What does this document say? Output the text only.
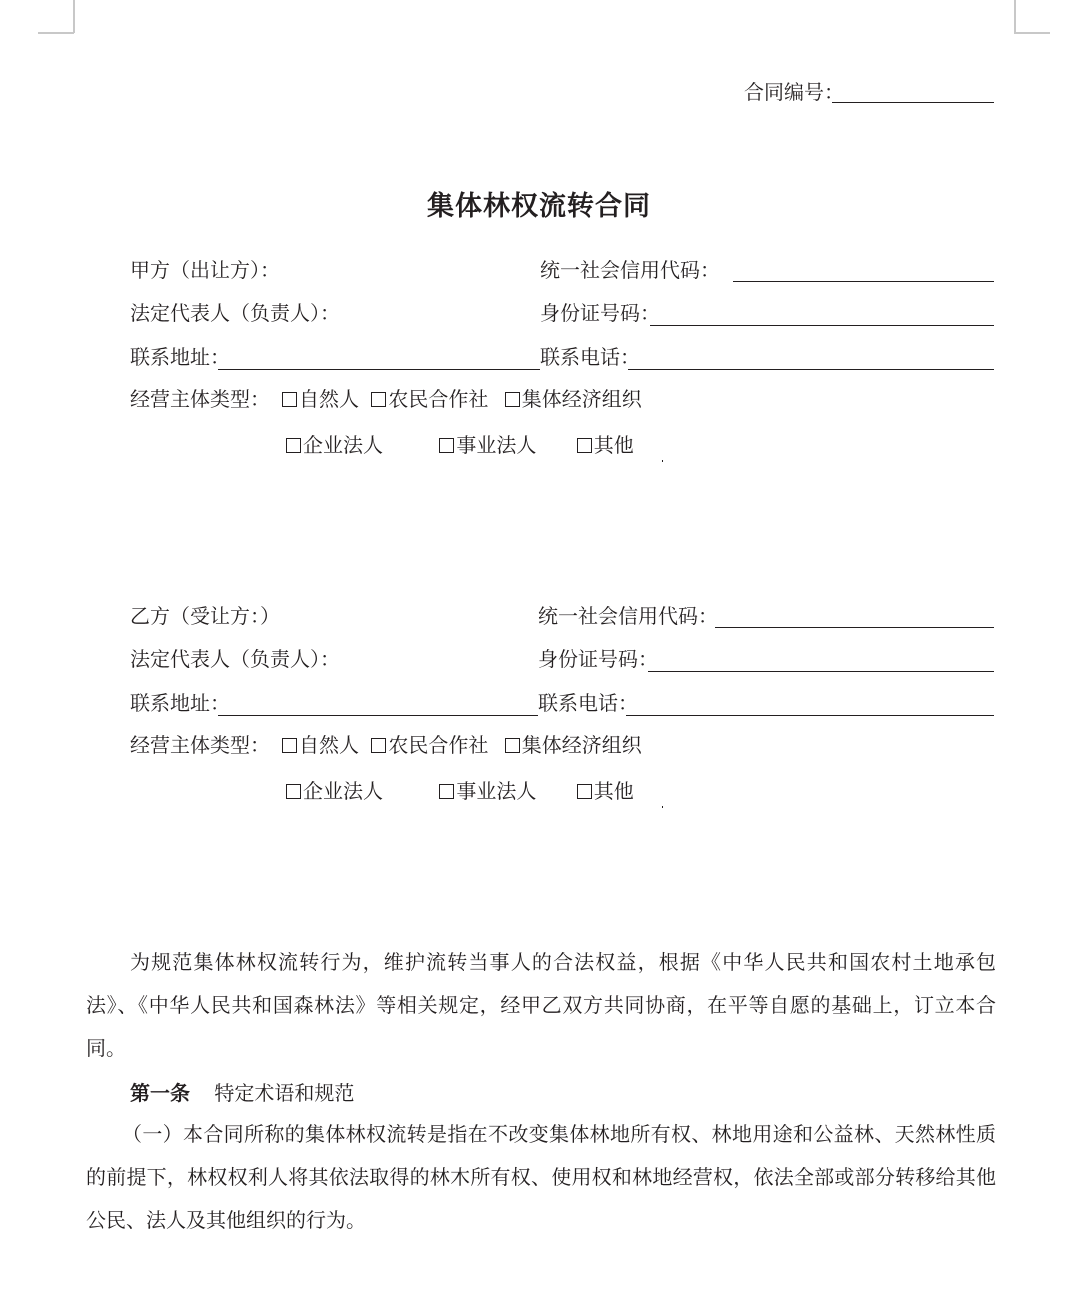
合同编号：
集体林权流转合同
甲方（出让方）：	统一社会信用代码：
法定代表人（负责人）：	身份证号码：
联系地址：	联系电话：
经营主体类型：	自然人 农民合作社 集体经济组织
企业法人	事业法人	其他
乙方（受让方：）	统一社会信用代码：
法定代表人（负责人）：	身份证号码：
联系地址：	联系电话：
经营主体类型：	自然人 农民合作社 集体经济组织
企业法人	事业法人	其他
为规范集体林权流转行为，维护流转当事人的合法权益，根据《中华人民共和国农村土地承包法》、《中华人民共和国森林法》等相关规定，经甲乙双方共同协商，在平等自愿的基础上，订立本合同。
第一条 特定术语和规范
（一）本合同所称的集体林权流转是指在不改变集体林地所有权、林地用途和公益林、天然林性质的前提下，林权权利人将其依法取得的林木所有权、使用权和林地经营权，依法全部或部分转移给其他公民、法人及其他组织的行为。
